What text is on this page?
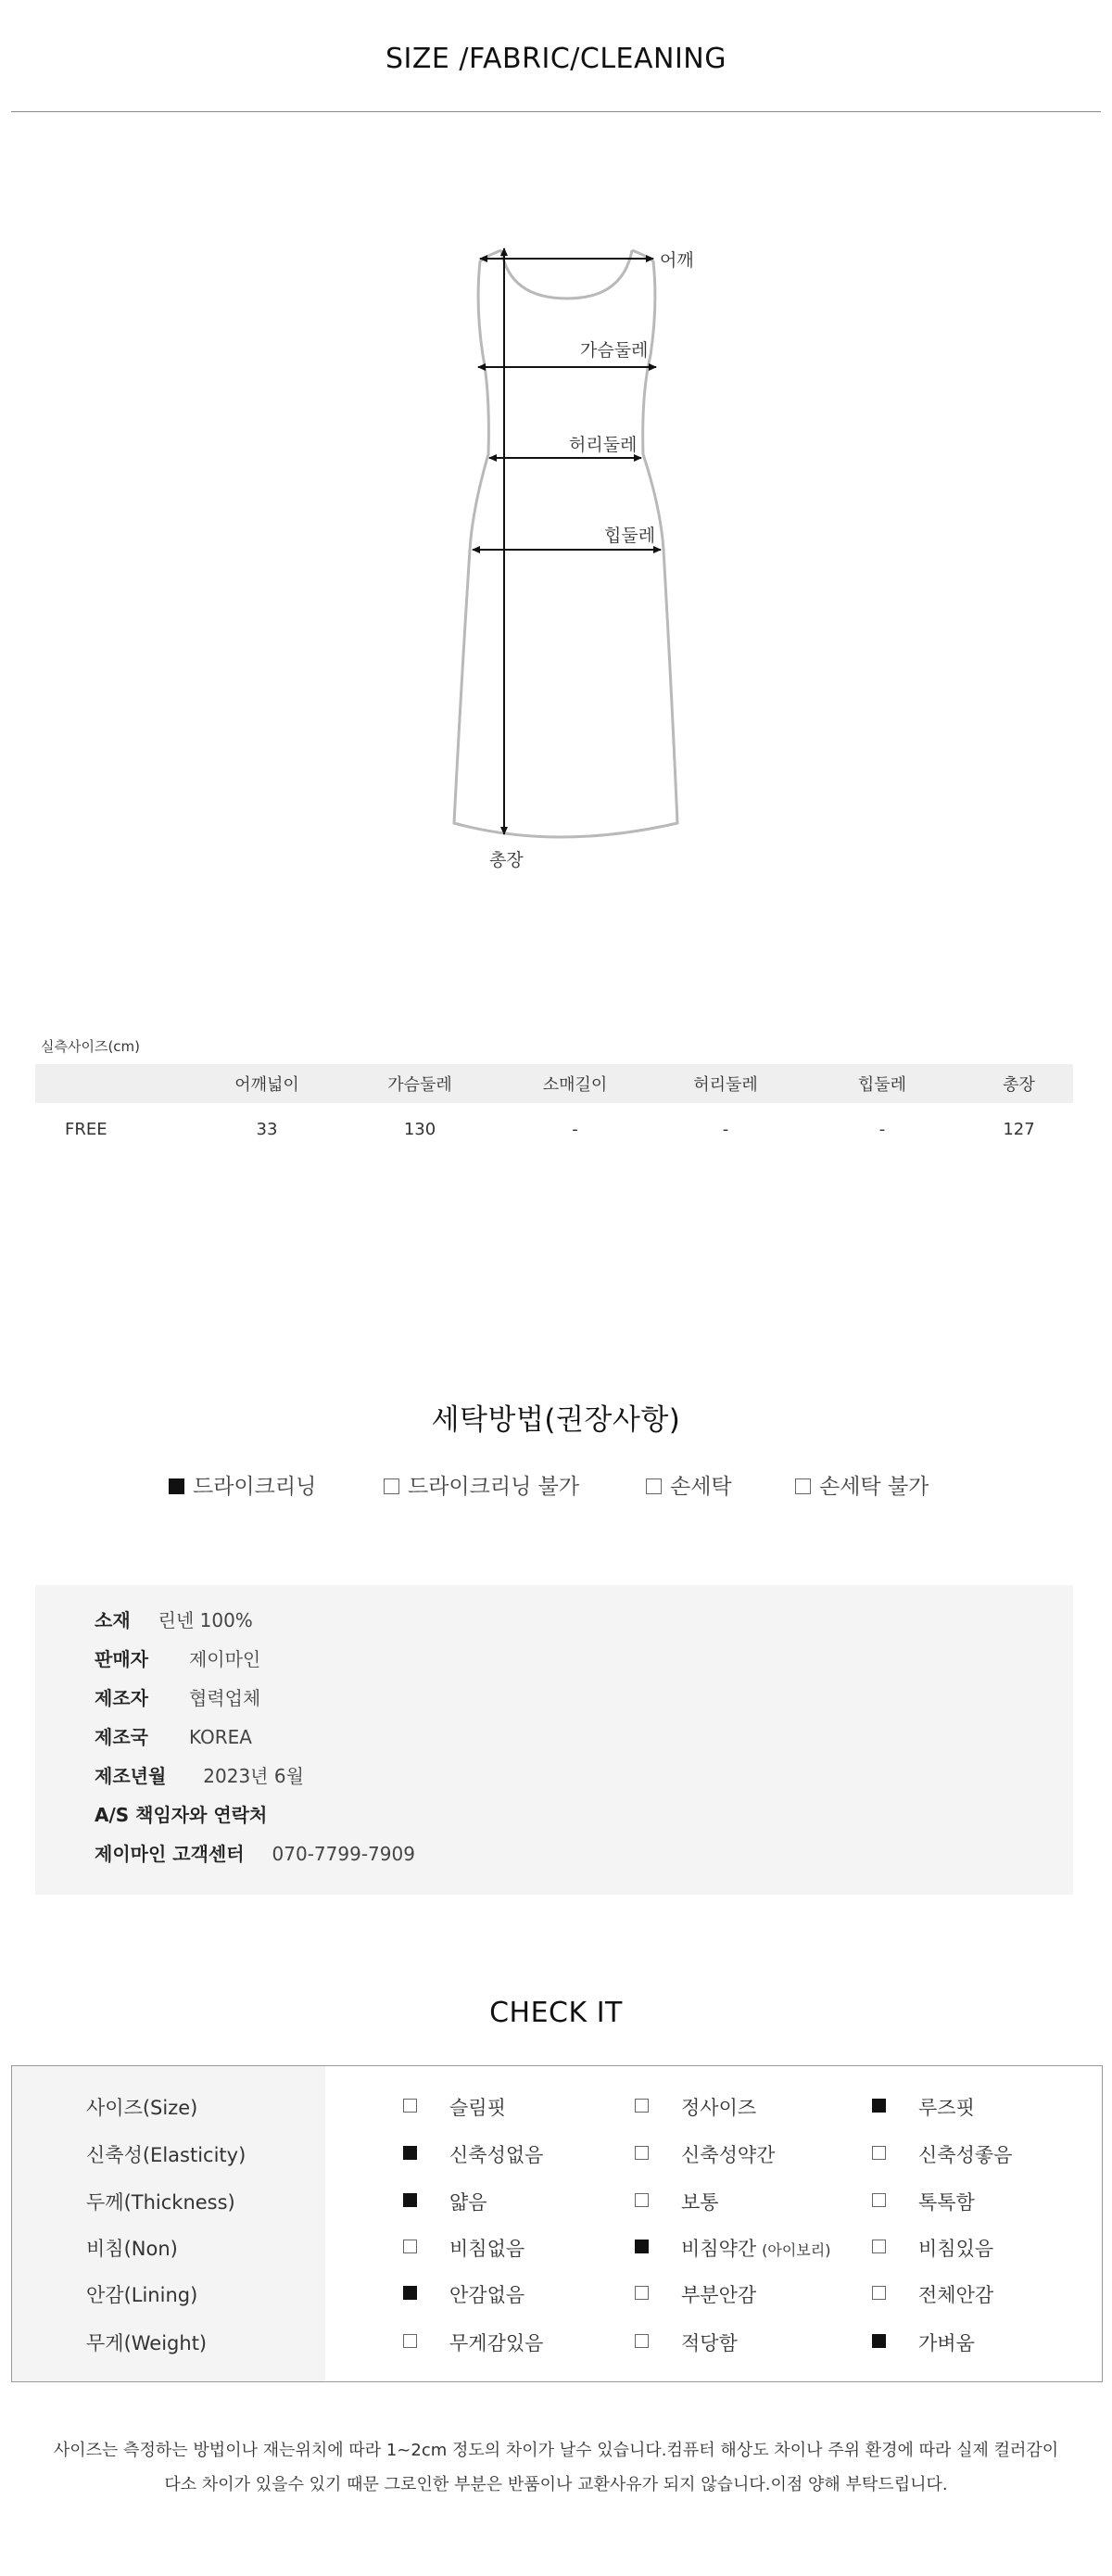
SIZE /FABRIC/CLEANING
어깨
가슴둘레
허리둘레
힙둘레
총장
실측사이즈(cm)
	어깨넓이	가슴둘레	소매길이	허리둘레	힙둘레	총장
FREE	33	130	-	-	-	127
세탁방법(권장사항)
드라이크리닝	드라이크리닝 불가	손세탁	손세탁 불가
소재 린넨 100%
판매자 제이마인
제조자 협력업체
제조국 KOREA
제조년월 2023년 6월
A/S 책임자와 연락처
제이마인 고객센터 070-7799-7909
CHECK IT
사이즈(Size)	슬림핏	정사이즈	루즈핏
신축성(Elasticity)	신축성없음	신축성약간	신축성좋음
두께(Thickness)	얇음	보통	톡톡함
비침(Non)	비침없음	비침약간 (아이보리)	비침있음
안감(Lining)	안감없음	부분안감	전체안감
무게(Weight)	무게감있음	적당함	가벼움
사이즈는 측정하는 방법이나 재는위치에 따라 1~2cm 정도의 차이가 날수 있습니다.컴퓨터 해상도 차이나 주위 환경에 따라 실제 컬러감이
다소 차이가 있을수 있기 때문 그로인한 부분은 반품이나 교환사유가 되지 않습니다.이점 양해 부탁드립니다.
